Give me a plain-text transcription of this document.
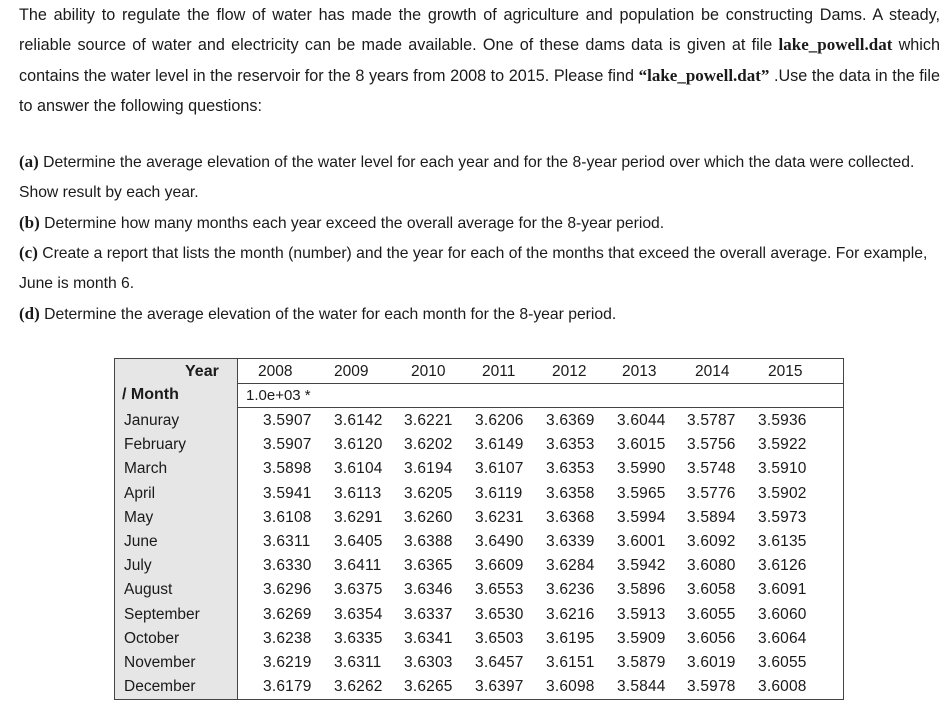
The ability to regulate the flow of water has made the growth of agriculture and population be constructing Dams. A steady, reliable source of water and electricity can be made available. One of these dams data is given at file lake_powell.dat which contains the water level in the reservoir for the 8 years from 2008 to 2015. Please find “lake_powell.dat” .Use the data in the file to answer the following questions:

(a) Determine the average elevation of the water level for each year and for the 8-year period over which the data were collected. Show result by each year.
(b) Determine how many months each year exceed the overall average for the 8-year period.
(c) Create a report that lists the month (number) and the year for each of the months that exceed the overall average. For example, June is month 6.
(d) Determine the average elevation of the water for each month for the 8-year period.
Year
/ Month	1.0e+03 *
2008	2009	2010 2011 2012 2013 2014 2015
Januray	3.5907 3.6142 3.6221 3.6206 3.6369 3.6044 3.5787 3.5936
February	3.5907 3.6120 3.6202 3.6149 3.6353 3.6015 3.5756 3.5922
March	3.5898 3.6104 3.6194 3.6107 3.6353 3.5990 3.5748 3.5910
April	3.5941 3.6113 3.6205 3.6119 3.6358 3.5965 3.5776 3.5902
May	3.6108 3.6291 3.6260 3.6231 3.6368 3.5994 3.5894 3.5973
June	3.6311 3.6405 3.6388 3.6490 3.6339 3.6001 3.6092 3.6135
July	3.6330 3.6411 3.6365 3.6609 3.6284 3.5942 3.6080 3.6126
August	3.6296 3.6375 3.6346 3.6553 3.6236 3.5896 3.6058 3.6091
September	3.6269 3.6354 3.6337 3.6530 3.6216 3.5913 3.6055 3.6060
October	3.6238 3.6335 3.6341 3.6503 3.6195 3.5909 3.6056 3.6064
November	3.6219 3.6311 3.6303 3.6457 3.6151 3.5879 3.6019 3.6055
December	3.6179 3.6262 3.6265 3.6397 3.6098 3.5844 3.5978 3.6008
